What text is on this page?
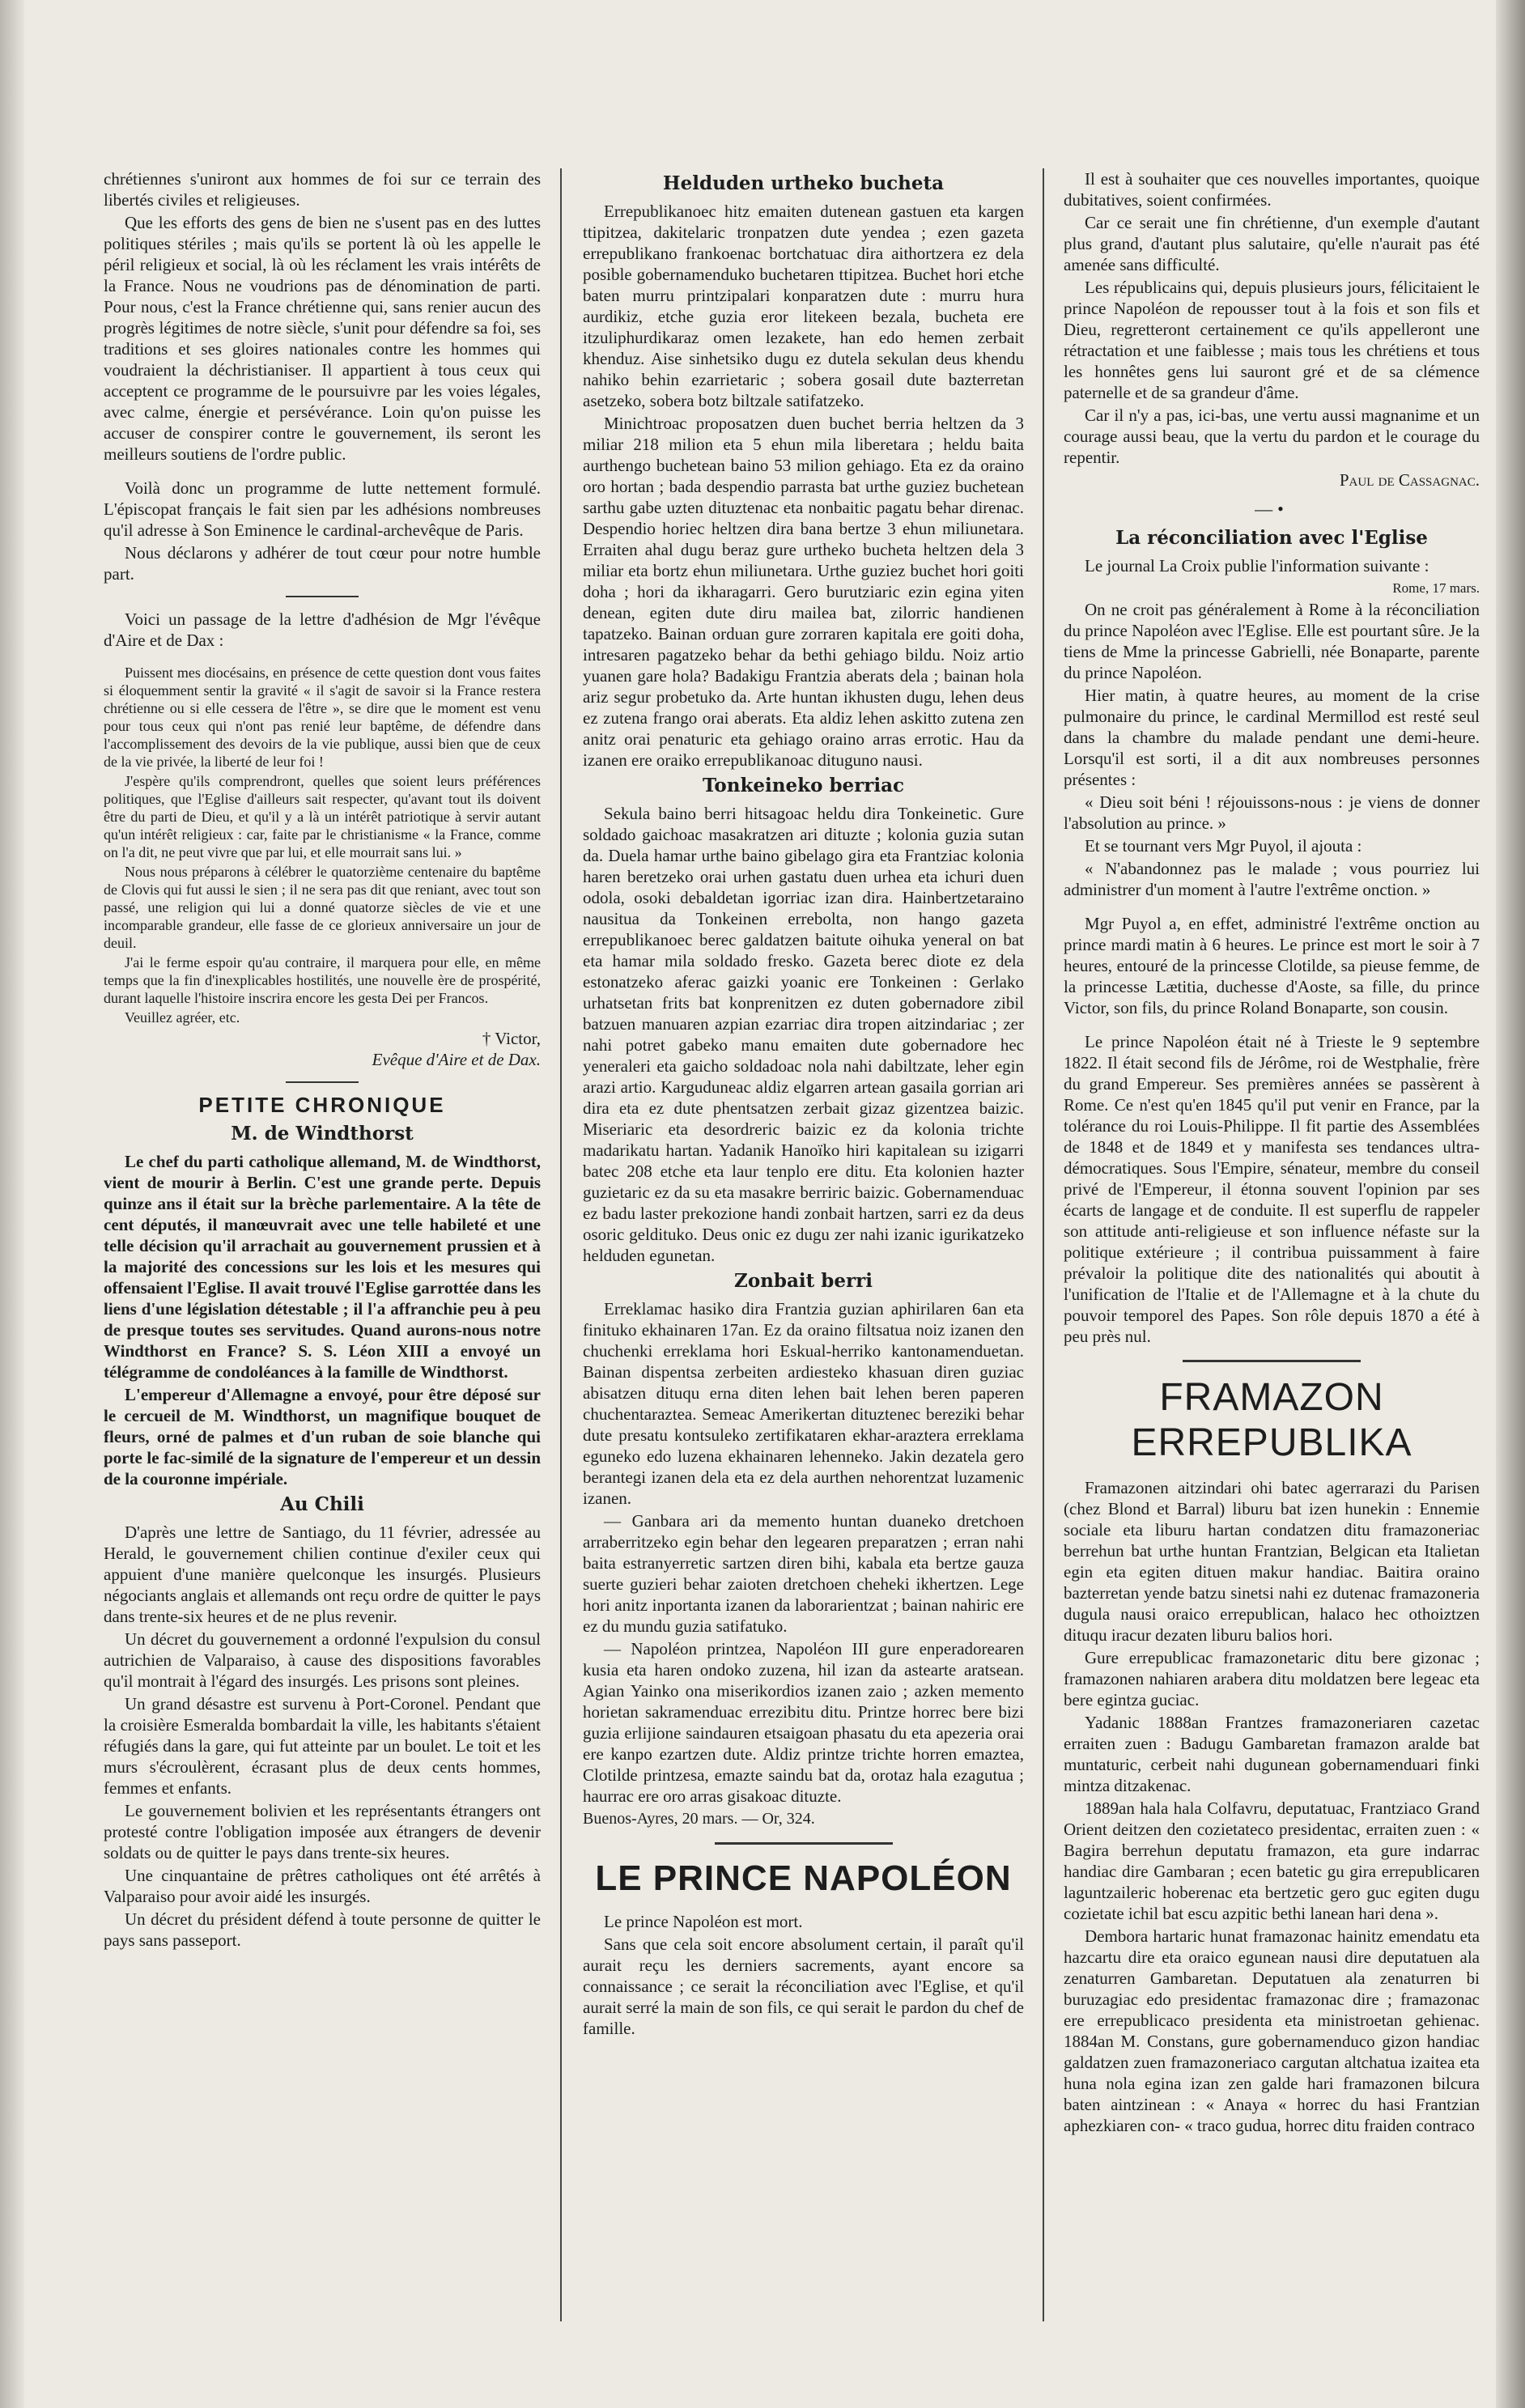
chrétiennes s'uniront aux hommes de foi sur ce terrain des libertés civiles et religieuses.

Que les efforts des gens de bien ne s'usent pas en des luttes politiques stériles ; mais qu'ils se portent là où les appelle le péril religieux et social, là où les réclament les vrais intérêts de la France. Nous ne voudrions pas de dénomination de parti. Pour nous, c'est la France chrétienne qui, sans renier aucun des progrès légitimes de notre siècle, s'unit pour défendre sa foi, ses traditions et ses gloires nationales contre les hommes qui voudraient la déchristianiser. Il appartient à tous ceux qui acceptent ce programme de le poursuivre par les voies légales, avec calme, énergie et persévérance. Loin qu'on puisse les accuser de conspirer contre le gouvernement, ils seront les meilleurs soutiens de l'ordre public.

Voilà donc un programme de lutte nettement formulé. L'épiscopat français le fait sien par les adhésions nombreuses qu'il adresse à Son Eminence le cardinal-archevêque de Paris.

Nous déclarons y adhérer de tout cœur pour notre humble part.

Voici un passage de la lettre d'adhésion de Mgr l'évêque d'Aire et de Dax :

Puissent mes diocésains, en présence de cette question dont vous faites si éloquemment sentir la gravité « il s'agit de savoir si la France restera chrétienne ou si elle cessera de l'être », se dire que le moment est venu pour tous ceux qui n'ont pas renié leur baptême, de défendre dans l'accomplissement des devoirs de la vie publique, aussi bien que de ceux de la vie privée, la liberté de leur foi !

J'espère qu'ils comprendront, quelles que soient leurs préférences politiques, que l'Eglise d'ailleurs sait respecter, qu'avant tout ils doivent être du parti de Dieu, et qu'il y a là un intérêt patriotique à servir autant qu'un intérêt religieux : car, faite par le christianisme « la France, comme on l'a dit, ne peut vivre que par lui, et elle mourrait sans lui. »

Nous nous préparons à célébrer le quatorzième centenaire du baptême de Clovis qui fut aussi le sien ; il ne sera pas dit que reniant, avec tout son passé, une religion qui lui a donné quatorze siècles de vie et une incomparable grandeur, elle fasse de ce glorieux anniversaire un jour de deuil.

J'ai le ferme espoir qu'au contraire, il marquera pour elle, en même temps que la fin d'inexplicables hostilités, une nouvelle ère de prospérité, durant laquelle l'histoire inscrira encore les gesta Dei per Francos.

Veuillez agréer, etc.

† Victor,
Evêque d'Aire et de Dax.
PETITE CHRONIQUE
M. de Windthorst

Le chef du parti catholique allemand, M. de Windthorst, vient de mourir à Berlin. C'est une grande perte. Depuis quinze ans il était sur la brèche parlementaire. A la tête de cent députés, il manœuvrait avec une telle habileté et une telle décision qu'il arrachait au gouvernement prussien et à la majorité des concessions sur les lois et les mesures qui offensaient l'Eglise. Il avait trouvé l'Eglise garrottée dans les liens d'une législation détestable ; il l'a affranchie peu à peu de presque toutes ses servitudes. Quand aurons-nous notre Windthorst en France? S. S. Léon XIII a envoyé un télégramme de condoléances à la famille de Windthorst.

L'empereur d'Allemagne a envoyé, pour être déposé sur le cercueil de M. Windthorst, un magnifique bouquet de fleurs, orné de palmes et d'un ruban de soie blanche qui porte le fac-similé de la signature de l'empereur et un dessin de la couronne impériale.

Au Chili

D'après une lettre de Santiago, du 11 février, adressée au Herald, le gouvernement chilien continue d'exiler ceux qui appuient d'une manière quelconque les insurgés. Plusieurs négociants anglais et allemands ont reçu ordre de quitter le pays dans trente-six heures et de ne plus revenir.

Un décret du gouvernement a ordonné l'expulsion du consul autrichien de Valparaiso, à cause des dispositions favorables qu'il montrait à l'égard des insurgés. Les prisons sont pleines.

Un grand désastre est survenu à Port-Coronel. Pendant que la croisière Esmeralda bombardait la ville, les habitants s'étaient réfugiés dans la gare, qui fut atteinte par un boulet. Le toit et les murs s'écroulèrent, écrasant plus de deux cents hommes, femmes et enfants.

Le gouvernement bolivien et les représentants étrangers ont protesté contre l'obligation imposée aux étrangers de devenir soldats ou de quitter le pays dans trente-six heures.

Une cinquantaine de prêtres catholiques ont été arrêtés à Valparaiso pour avoir aidé les insurgés.

Un décret du président défend à toute personne de quitter le pays sans passeport.

Helduden urtheko bucheta

Errepublikanoec hitz emaiten dutenean gastuen eta kargen ttipitzea, dakitelaric tronpatzen dute yendea ; ezen gazeta errepublikano frankoenac bortchatuac dira aithortzera ez dela posible gobernamenduko buchetaren ttipitzea. Buchet hori etche baten murru printzipalari konparatzen dute : murru hura aurdikiz, etche guzia eror litekeen bezala, bucheta ere itzuliphurdikaraz omen lezakete, han edo hemen zerbait khenduz. Aise sinhetsiko dugu ez dutela sekulan deus khendu nahiko behin ezarrietaric ; sobera gosail dute bazterretan asetzeko, sobera botz biltzale satifatzeko.

Minichtroac proposatzen duen buchet berria heltzen da 3 miliar 218 milion eta 5 ehun mila liberetara ; heldu baita aurthengo buchetean baino 53 milion gehiago. Eta ez da oraino oro hortan ; bada despendio parrasta bat urthe guziez buchetean sarthu gabe uzten dituztenac eta nonbaitic pagatu behar direnac. Despendio horiec heltzen dira bana bertze 3 ehun miliunetara. Erraiten ahal dugu beraz gure urtheko bucheta heltzen dela 3 miliar eta bortz ehun miliunetara. Urthe guziez buchet hori goiti doha ; hori da ikharagarri. Gero burutziaric ezin egina yiten denean, egiten dute diru mailea bat, zilorric handienen tapatzeko. Bainan orduan gure zorraren kapitala ere goiti doha, intresaren pagatzeko behar da bethi gehiago bildu. Noiz artio yuanen gare hola? Badakigu Frantzia aberats dela ; bainan hola ariz segur probetuko da. Arte huntan ikhusten dugu, lehen deus ez zutena frango orai aberats. Eta aldiz lehen askitto zutena zen anitz orai penaturic eta gehiago oraino arras errotic. Hau da izanen ere oraiko errepublikanoac dituguno nausi.

Tonkeineko berriac

Sekula baino berri hitsagoac heldu dira Tonkeinetic. Gure soldado gaichoac masakratzen ari dituzte ; kolonia guzia sutan da. Duela hamar urthe baino gibelago gira eta Frantziac kolonia haren beretzeko orai urhen gastatu duen urhea eta ichuri duen odola, osoki debaldetan igorriac izan dira. Hainbertzetaraino nausitua da Tonkeinen errebolta, non hango gazeta errepublikanoec berec galdatzen baitute oihuka yeneral on bat eta hamar mila soldado fresko. Gazeta berec diote ez dela estonatzeko aferac gaizki yoanic ere Tonkeinen : Gerlako urhatsetan frits bat konprenitzen ez duten gobernadore zibil batzuen manuaren azpian ezarriac dira tropen aitzindariac ; zer nahi potret gabeko manu emaiten dute gobernadore hec yeneraleri eta gaicho soldadoac nola nahi dabiltzate, leher egin arazi artio. Karguduneac aldiz elgarren artean gasaila gorrian ari dira eta ez dute phentsatzen zerbait gizaz gizentzea baizic. Miseriaric eta desordreric baizic ez da kolonia trichte madarikatu hartan. Yadanik Hanoïko hiri kapitalean su izigarri batec 208 etche eta laur tenplo ere ditu. Eta kolonien hazter guzietaric ez da su eta masakre berriric baizic. Gobernamenduac ez badu laster prekozione handi zonbait hartzen, sarri ez da deus osoric geldituko. Deus onic ez dugu zer nahi izanic igurikatzeko helduden egunetan.

Zonbait berri

Erreklamac hasiko dira Frantzia guzian aphirilaren 6an eta finituko ekhainaren 17an. Ez da oraino filtsatua noiz izanen den chuchenki erreklama hori Eskual-herriko kantonamenduetan. Bainan dispentsa zerbeiten ardiesteko khasuan diren guziac abisatzen dituqu erna diten lehen bait lehen beren paperen chuchentaraztea. Semeac Amerikertan dituztenec bereziki behar dute presatu kontsuleko zertifikataren ekhar-araztera erreklama eguneko edo luzena ekhainaren lehenneko. Jakin dezatela gero berantegi izanen dela eta ez dela aurthen nehorentzat luzamenic izanen.

— Ganbara ari da memento huntan duaneko dretchoen arraberritzeko egin behar den legearen preparatzen ; erran nahi baita estranyerretic sartzen diren bihi, kabala eta bertze gauza suerte guzieri behar zaioten dretchoen cheheki ikhertzen. Lege hori anitz inportanta izanen da laborarientzat ; bainan nahiric ere ez du mundu guzia satifatuko.

— Napoléon printzea, Napoléon III gure enperadorearen kusia eta haren ondoko zuzena, hil izan da astearte aratsean. Agian Yainko ona miserikordios izanen zaio ; azken memento horietan sakramenduac errezibitu ditu. Printze horrec bere bizi guzia erlijione saindauren etsaigoan phasatu du eta apezeria orai ere kanpo ezartzen dute. Aldiz printze trichte horren emaztea, Clotilde printzesa, emazte saindu bat da, orotaz hala ezagutua ; haurrac ere oro arras gisakoac dituzte.

Buenos-Ayres, 20 mars. — Or, 324.

LE PRINCE NAPOLÉON

Le prince Napoléon est mort.

Sans que cela soit encore absolument certain, il paraît qu'il aurait reçu les derniers sacrements, ayant encore sa connaissance ; ce serait la réconciliation avec l'Eglise, et qu'il aurait serré la main de son fils, ce qui serait le pardon du chef de famille.

Il est à souhaiter que ces nouvelles importantes, quoique dubitatives, soient confirmées.

Car ce serait une fin chrétienne, d'un exemple d'autant plus grand, d'autant plus salutaire, qu'elle n'aurait pas été amenée sans difficulté.

Les républicains qui, depuis plusieurs jours, félicitaient le prince Napoléon de repousser tout à la fois et son fils et Dieu, regretteront certainement ce qu'ils appelleront une rétractation et une faiblesse ; mais tous les chrétiens et tous les honnêtes gens lui sauront gré et de sa clémence paternelle et de sa grandeur d'âme.

Car il n'y a pas, ici-bas, une vertu aussi magnanime et un courage aussi beau, que la vertu du pardon et le courage du repentir.

Paul de Cassagnac.
—•
La réconciliation avec l'Eglise

Le journal La Croix publie l'information suivante :

Rome, 17 mars.

On ne croit pas généralement à Rome à la réconciliation du prince Napoléon avec l'Eglise. Elle est pourtant sûre. Je la tiens de Mme la princesse Gabrielli, née Bonaparte, parente du prince Napoléon.

Hier matin, à quatre heures, au moment de la crise pulmonaire du prince, le cardinal Mermillod est resté seul dans la chambre du malade pendant une demi-heure. Lorsqu'il est sorti, il a dit aux nombreuses personnes présentes :

« Dieu soit béni ! réjouissons-nous : je viens de donner l'absolution au prince. »

Et se tournant vers Mgr Puyol, il ajouta :

« N'abandonnez pas le malade ; vous pourriez lui administrer d'un moment à l'autre l'extrême onction. »

Mgr Puyol a, en effet, administré l'extrême onction au prince mardi matin à 6 heures. Le prince est mort le soir à 7 heures, entouré de la princesse Clotilde, sa pieuse femme, de la princesse Lætitia, duchesse d'Aoste, sa fille, du prince Victor, son fils, du prince Roland Bonaparte, son cousin.

Le prince Napoléon était né à Trieste le 9 septembre 1822. Il était second fils de Jérôme, roi de Westphalie, frère du grand Empereur. Ses premières années se passèrent à Rome. Ce n'est qu'en 1845 qu'il put venir en France, par la tolérance du roi Louis-Philippe. Il fit partie des Assemblées de 1848 et de 1849 et y manifesta ses tendances ultra-démocratiques. Sous l'Empire, sénateur, membre du conseil privé de l'Empereur, il étonna souvent l'opinion par ses écarts de langage et de conduite. Il est superflu de rappeler son attitude anti-religieuse et son influence néfaste sur la politique extérieure ; il contribua puissamment à faire prévaloir la politique dite des nationalités qui aboutit à l'unification de l'Italie et de l'Allemagne et à la chute du pouvoir temporel des Papes. Son rôle depuis 1870 a été à peu près nul.

FRAMAZON ERREPUBLIKA

Framazonen aitzindari ohi batec agerrarazi du Parisen (chez Blond et Barral) liburu bat izen hunekin : Ennemie sociale eta liburu hartan condatzen ditu framazoneriac berrehun bat urthe huntan Frantzian, Belgican eta Italietan egin eta egiten dituen makur handiac. Baitira oraino bazterretan yende batzu sinetsi nahi ez dutenac framazoneria dugula nausi oraico errepublican, halaco hec othoiztzen dituqu iracur dezaten liburu balios hori.

Gure errepublicac framazonetaric ditu bere gizonac ; framazonen nahiaren arabera ditu moldatzen bere legeac eta bere egintza guciac.

Yadanic 1888an Frantzes framazoneriaren cazetac erraiten zuen : Badugu Gambaretan framazon aralde bat muntaturic, cerbeit nahi dugunean gobernamenduari finki mintza ditzakenac.

1889an hala hala Colfavru, deputatuac, Frantziaco Grand Orient deitzen den cozietateco presidentac, erraiten zuen : « Bagira berrehun deputatu framazon, eta gure indarrac handiac dire Gambaran ; ecen batetic gu gira errepublicaren laguntzaileric hoberenac eta bertzetic gero guc egiten dugu cozietatе ichil bat escu azpitic bethi lanean hari dena ».

Dembora hartaric hunat framazonac hainitz emendatu eta hazcartu dire eta oraico egunean nausi dire deputatuen ala zenaturren Gambaretan. Deputatuen ala zenaturren bi buruzagiac edo presidentac framazonac dire ; framazonac ere errepublicaco presidenta eta ministroetan gehienac. 1884an M. Constans, gure gobernamenduco gizon handiac galdatzen zuen framazoneriaco cargutan altchatua izaitea eta huna nola egina izan zen galde hari framazonen bilcura baten aintzinean : « Anaya « horrec du hasi Frantzian aphezkiaren con- « traco gudua, horrec ditu fraiden contraco
